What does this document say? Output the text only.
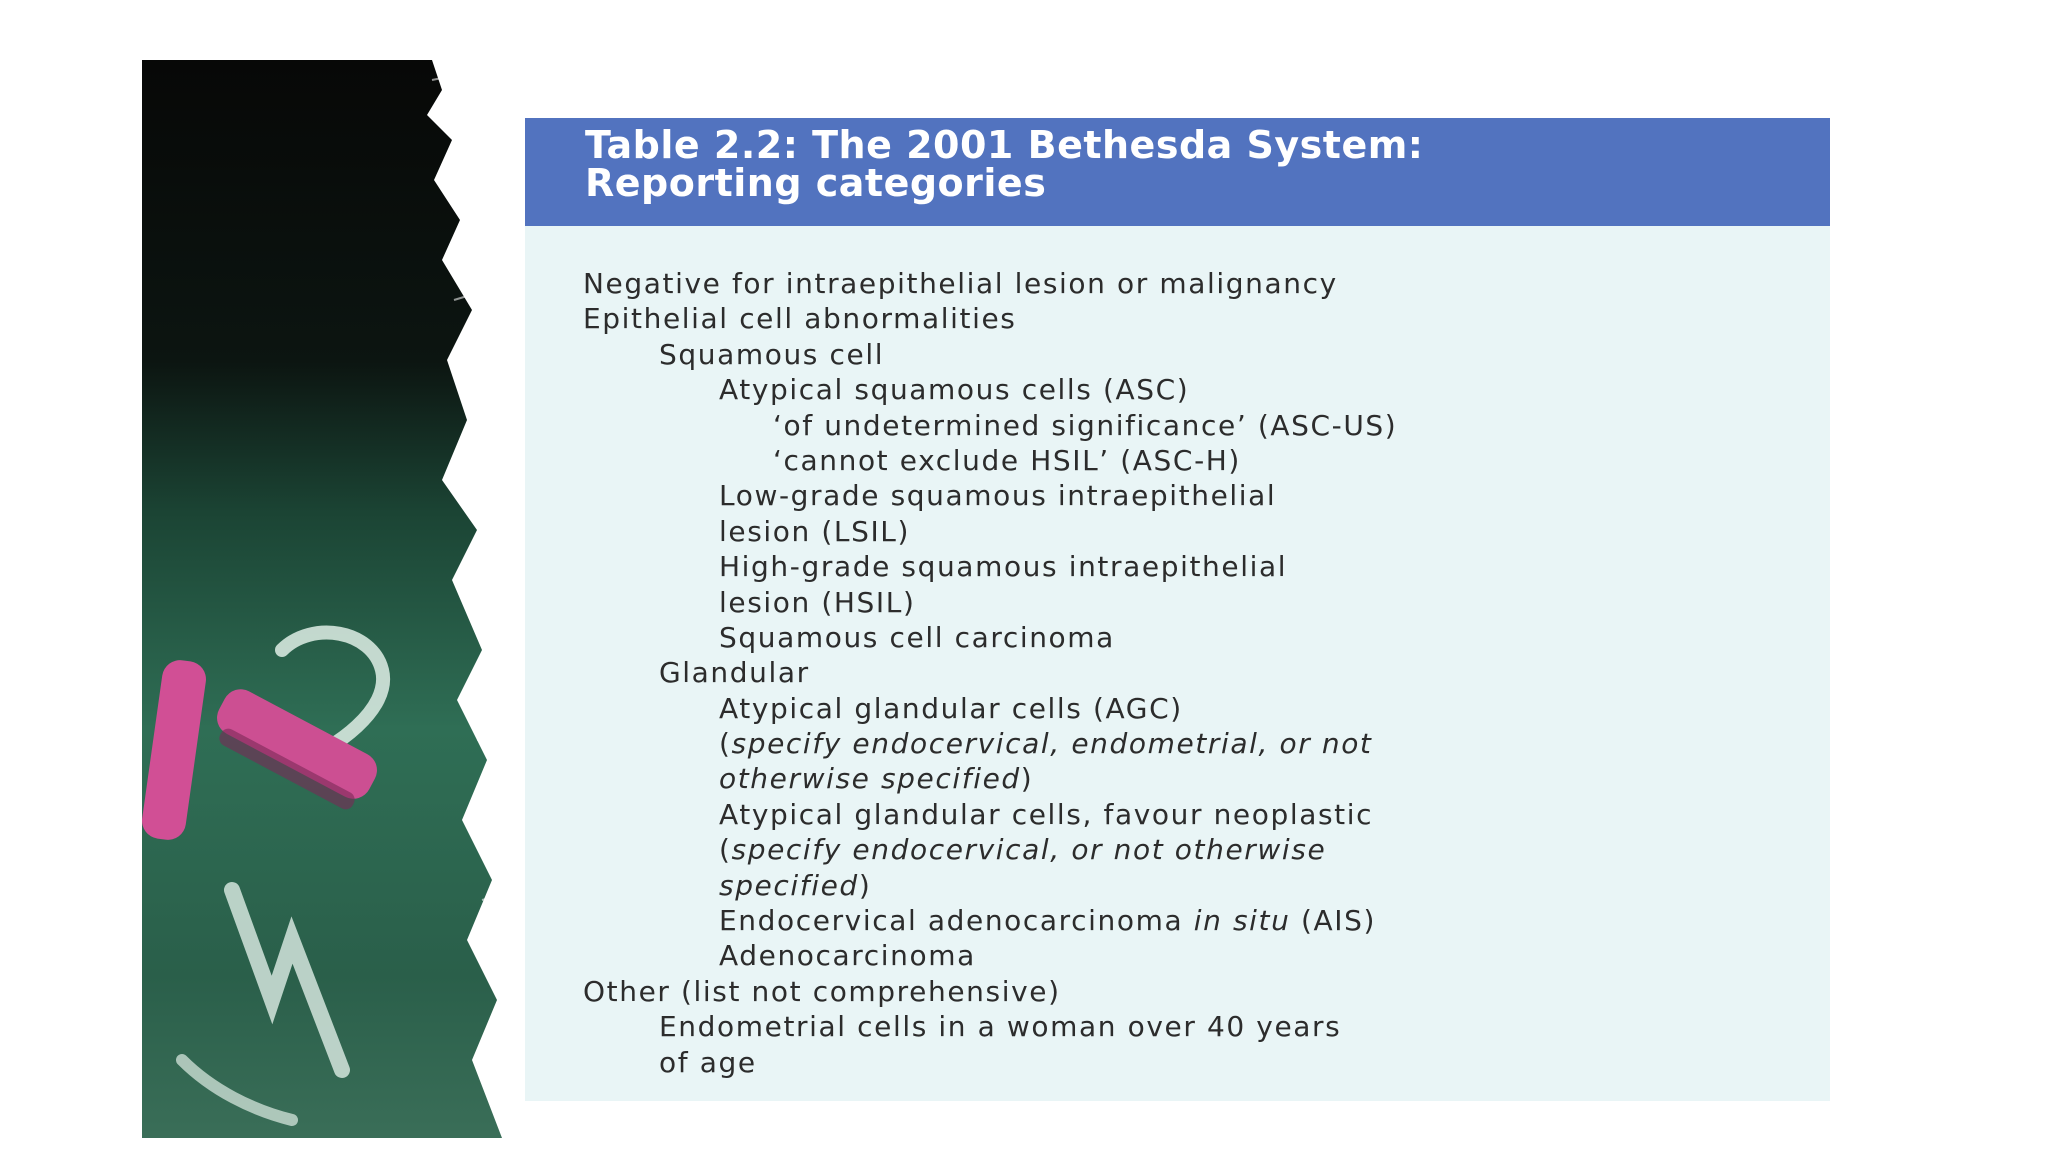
Table 2.2: The 2001 Bethesda System:
Reporting categories
Negative for intraepithelial lesion or malignancy
Epithelial cell abnormalities
Squamous cell
Atypical squamous cells (ASC)
‘of undetermined significance’ (ASC-US)
‘cannot exclude HSIL’ (ASC-H)
Low-grade squamous intraepithelial
lesion (LSIL)
High-grade squamous intraepithelial
lesion (HSIL)
Squamous cell carcinoma
Glandular
Atypical glandular cells (AGC)
(specify endocervical, endometrial, or not
otherwise specified)
Atypical glandular cells, favour neoplastic
(specify endocervical, or not otherwise
specified)
Endocervical adenocarcinoma in situ (AIS)
Adenocarcinoma
Other (list not comprehensive)
Endometrial cells in a woman over 40 years
of age
